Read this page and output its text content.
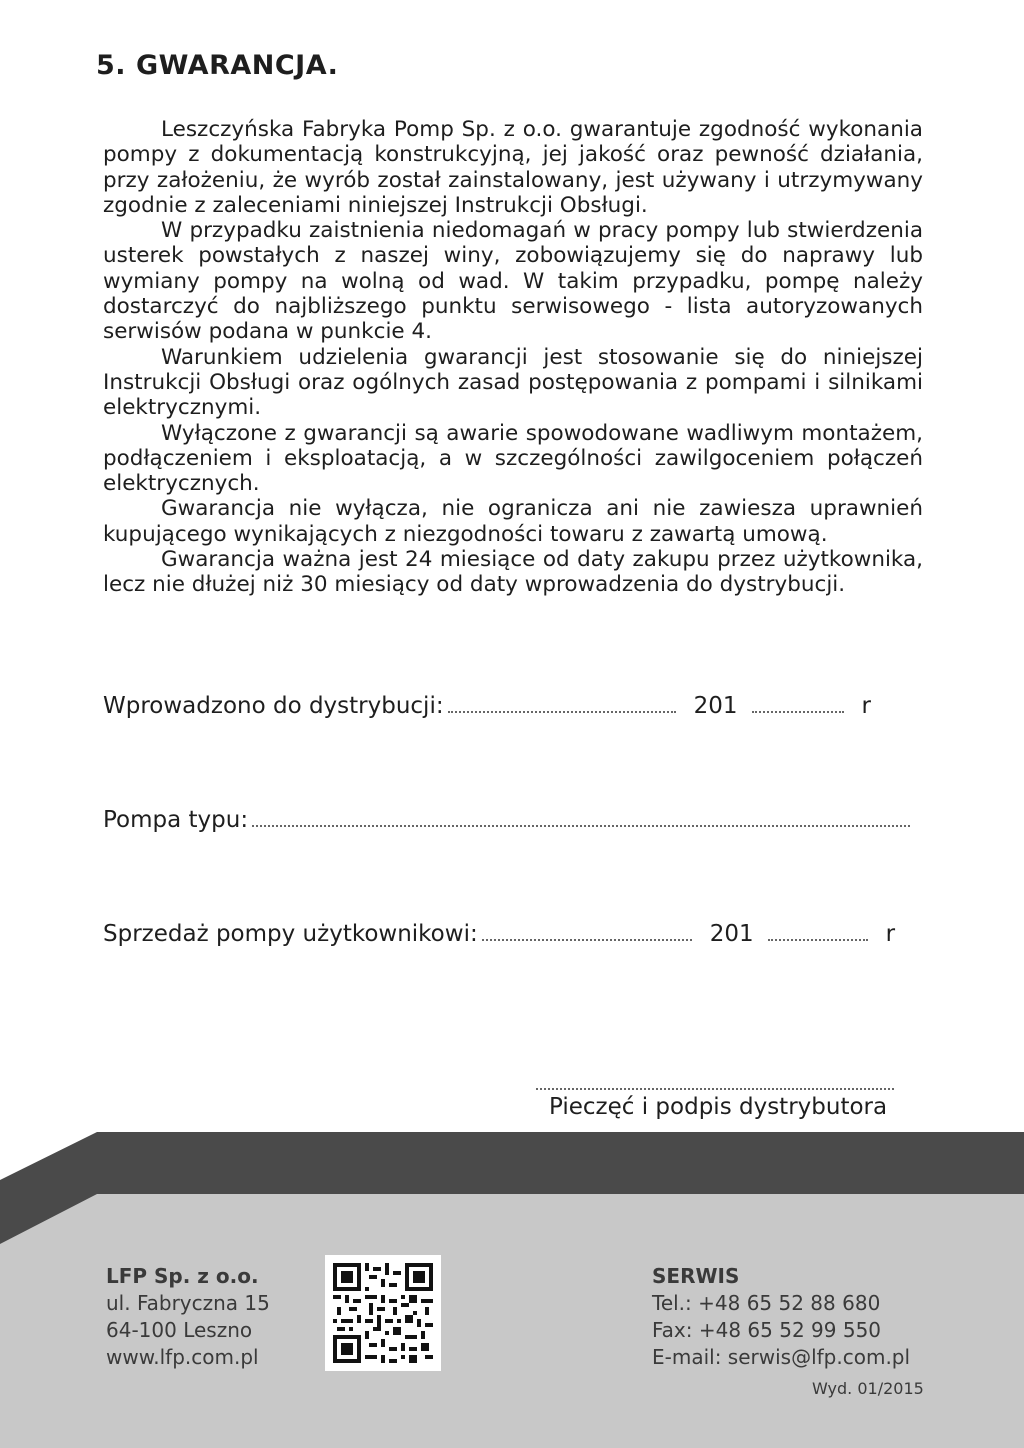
5. GWARANCJA.

Leszczyńska Fabryka Pomp Sp. z o.o. gwarantuje zgodność wykonania pompy z dokumentacją konstrukcyjną, jej jakość oraz pewność działania, przy założeniu, że wyrób został zainstalowany, jest używany i utrzymywany zgodnie z zaleceniami niniejszej Instrukcji Obsługi.

W przypadku zaistnienia niedomagań w pracy pompy lub stwierdzenia usterek powstałych z naszej winy, zobowiązujemy się do naprawy lub wymiany pompy na wolną od wad. W takim przypadku, pompę należy dostarczyć do najbliższego punktu serwisowego - lista autoryzowanych serwisów podana w punkcie 4.

Warunkiem udzielenia gwarancji jest stosowanie się do niniejszej Instrukcji Obsługi oraz ogólnych zasad postępowania z pompami i silnikami elektrycznymi.

Wyłączone z gwarancji są awarie spowodowane wadliwym montażem, podłączeniem i eksploatacją, a w szczególności zawilgoceniem połączeń elektrycznych.

Gwarancja nie wyłącza, nie ogranicza ani nie zawiesza uprawnień kupującego wynikających z niezgodności towaru z zawartą umową.

Gwarancja ważna jest 24 miesiące od daty zakupu przez użytkownika, lecz nie dłużej niż 30 miesiący od daty wprowadzenia do dystrybucji.

Wprowadzono do dystrybucji:	201	r
Pompa typu:
Sprzedaż pompy użytkownikowi:	201	r
Pieczęć i podpis dystrybutora
LFP Sp. z o.o.
ul. Fabryczna 15
64-100 Leszno
www.lfp.com.pl
SERWIS
Tel.: +48 65 52 88 680
Fax: +48 65 52 99 550
E-mail: serwis@lfp.com.pl
Wyd. 01/2015
